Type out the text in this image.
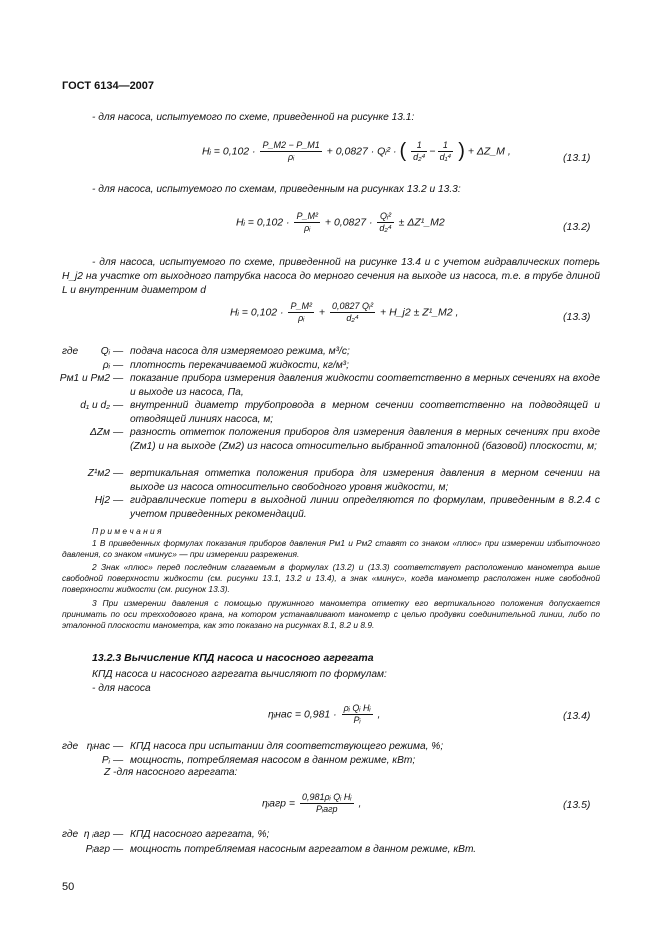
ГОСТ 6134—2007
- для насоса, испытуемого по схеме, приведенной на рисунке 13.1:
Hᵢ = $0,102 \cdot \frac{P\_M2 - P\_M1}{\text{ρᵢ}} + 0,0827$ · Qᵢ² · ( $\frac{1}{\text{d₂⁴}} - \frac{1}{\text{d₁⁴}}$ ) + ΔZ_M ,
(13.1)
- для насоса, испытуемого по схемам, приведенным на рисунках 13.2 и 13.3:
Hᵢ = $0,102 \cdot \frac{\text{P\_M²}}{\text{ρᵢ}} + 0,0827 \cdot \frac{\text{Qᵢ²}}{\text{d₂⁴}}$ ± ΔZ¹_M2	(13.2)
- для насоса, испытуемого по схеме, приведенной на рисунке 13.4 и с учетом гидравлических потерь H_j2 на участке от выходного патрубка насоса до мерного сечения на выходе из насоса, т.е. в трубе длиной L и внутренним диаметром d
Hᵢ = $0,102 \cdot \frac{\text{P\_M²}}{\text{ρᵢ}} + \frac{\text{0,0827 Qᵢ²}}{\text{d₂⁴}}$ + H_j2 ± Z¹_M2 ,	(13.3)
где	Qᵢ — подача насоса для измеряемого режима, м³/с;
ρᵢ — плотность перекачиваемой жидкости, кг/м³;
Pм1 и Pм2 — показание прибора измерения давления жидкости соответственно в мерных сечениях на входе и выходе из насоса, Па,
d₁ и d₂ — внутренний диаметр трубопровода в мерном сечении соответственно на подводящей и отводящей линиях насоса, м;
ΔZм — разность отметок положения приборов для измерения давления в мерных сечениях при входе (Zм1) и на выходе (Zм2) из насоса относительно выбранной эталонной (базовой) плоскости, м;
Z¹м2 — вертикальная отметка положения прибора для измерения давления в мерном сечении на выходе из насоса относительно свободного уровня жидкости, м;
Hj2 — гидравлические потери в выходной линии определяются по формулам, приведенным в 8.2.4 с учетом приведенных рекомендаций.
П р и м е ч а н и я
1 В приведенных формулах показания приборов давления Pм1 и Pм2 ставят со знаком «плюс» при измерении избыточного давления, со знаком «минус» — при измерении разрежения.
2 Знак «плюс» перед последним слагаемым в формулах (13.2) и (13.3) соответствует расположению манометра выше свободной поверхности жидкости (см. рисунки 13.1, 13.2 и 13.4), а знак «минус», когда манометр расположен ниже свободной поверхности жидкости (см. рисунок 13.3).
3 При измерении давления с помощью пружинного манометра отметку его вертикального положения допускается принимать по оси трехходового крана, на котором устанавливают манометр с целью продувки соединительной линии, либо по эталонной плоскости манометра, как это показано на рисунках 8.1, 8.2 и 8.9.
13.2.3 Вычисление КПД насоса и насосного агрегата
КПД насоса и насосного агрегата вычисляют по формулам:
- для насоса
ηᵢнас = $0,981 \cdot \frac{\text{ρᵢ Qᵢ Hᵢ}}{\text{Pᵢ}}$ ,	(13.4)
где ηᵢнас — КПД насоса при испытании для соответствующего режима, %;
Pᵢ — мощность, потребляемая насосом в данном режиме, кВт;
Z -для насосного агрегата:
ηᵢагр = $\frac{\text{0,981ρᵢ Qᵢ Hᵢ}}{\text{Pᵢагр}}$ ,	(13.5)
где η ᵢагр — КПД насосного агрегата, %;
Pᵢагр — мощность потребляемая насосным агрегатом в данном режиме, кВт.
50
